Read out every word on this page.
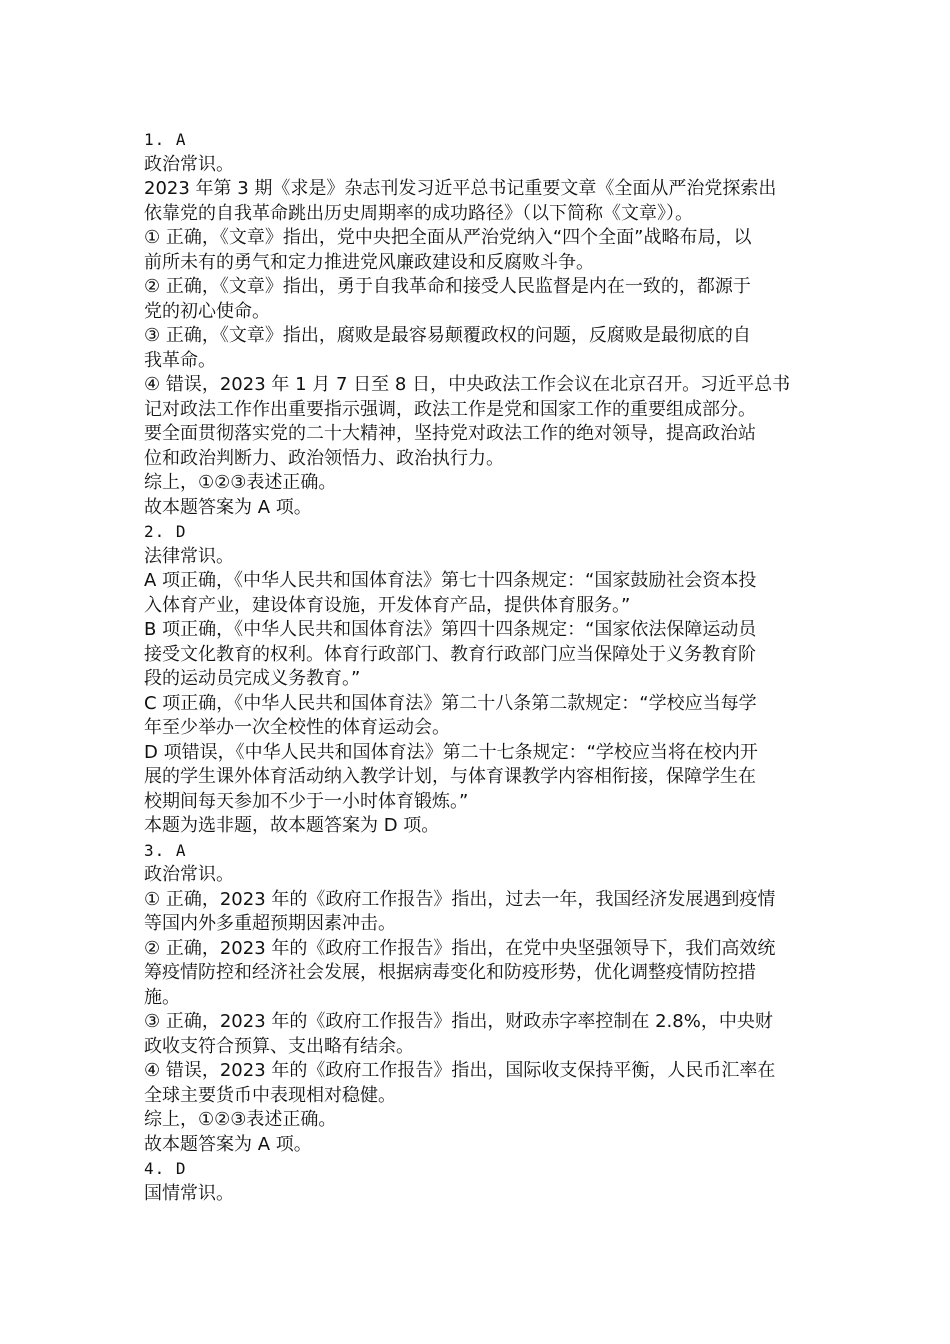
1. A
政治常识。
2023 年第 3 期《求是》杂志刊发习近平总书记重要文章《全面从严治党探索出
依靠党的自我革命跳出历史周期率的成功路径》（以下简称《文章》）。
① 正确，《文章》指出，党中央把全面从严治党纳入“四个全面”战略布局，以
前所未有的勇气和定力推进党风廉政建设和反腐败斗争。
② 正确，《文章》指出，勇于自我革命和接受人民监督是内在一致的，都源于
党的初心使命。
③ 正确，《文章》指出，腐败是最容易颠覆政权的问题，反腐败是最彻底的自
我革命。
④ 错误，2023 年 1 月 7 日至 8 日，中央政法工作会议在北京召开。习近平总书
记对政法工作作出重要指示强调，政法工作是党和国家工作的重要组成部分。
要全面贯彻落实党的二十大精神，坚持党对政法工作的绝对领导，提高政治站
位和政治判断力、政治领悟力、政治执行力。
综上，①②③表述正确。
故本题答案为 A 项。
2. D
法律常识。
A 项正确，《中华人民共和国体育法》第七十四条规定：“国家鼓励社会资本投
入体育产业，建设体育设施，开发体育产品，提供体育服务。”
B 项正确，《中华人民共和国体育法》第四十四条规定：“国家依法保障运动员
接受文化教育的权利。体育行政部门、教育行政部门应当保障处于义务教育阶
段的运动员完成义务教育。”
C 项正确，《中华人民共和国体育法》第二十八条第二款规定：“学校应当每学
年至少举办一次全校性的体育运动会。
D 项错误，《中华人民共和国体育法》第二十七条规定：“学校应当将在校内开
展的学生课外体育活动纳入教学计划，与体育课教学内容相衔接，保障学生在
校期间每天参加不少于一小时体育锻炼。”
本题为选非题，故本题答案为 D 项。
3. A
政治常识。
① 正确，2023 年的《政府工作报告》指出，过去一年，我国经济发展遇到疫情
等国内外多重超预期因素冲击。
② 正确，2023 年的《政府工作报告》指出，在党中央坚强领导下，我们高效统
筹疫情防控和经济社会发展，根据病毒变化和防疫形势，优化调整疫情防控措
施。
③ 正确，2023 年的《政府工作报告》指出，财政赤字率控制在 2.8%，中央财
政收支符合预算、支出略有结余。
④ 错误，2023 年的《政府工作报告》指出，国际收支保持平衡，人民币汇率在
全球主要货币中表现相对稳健。
综上，①②③表述正确。
故本题答案为 A 项。
4. D
国情常识。
